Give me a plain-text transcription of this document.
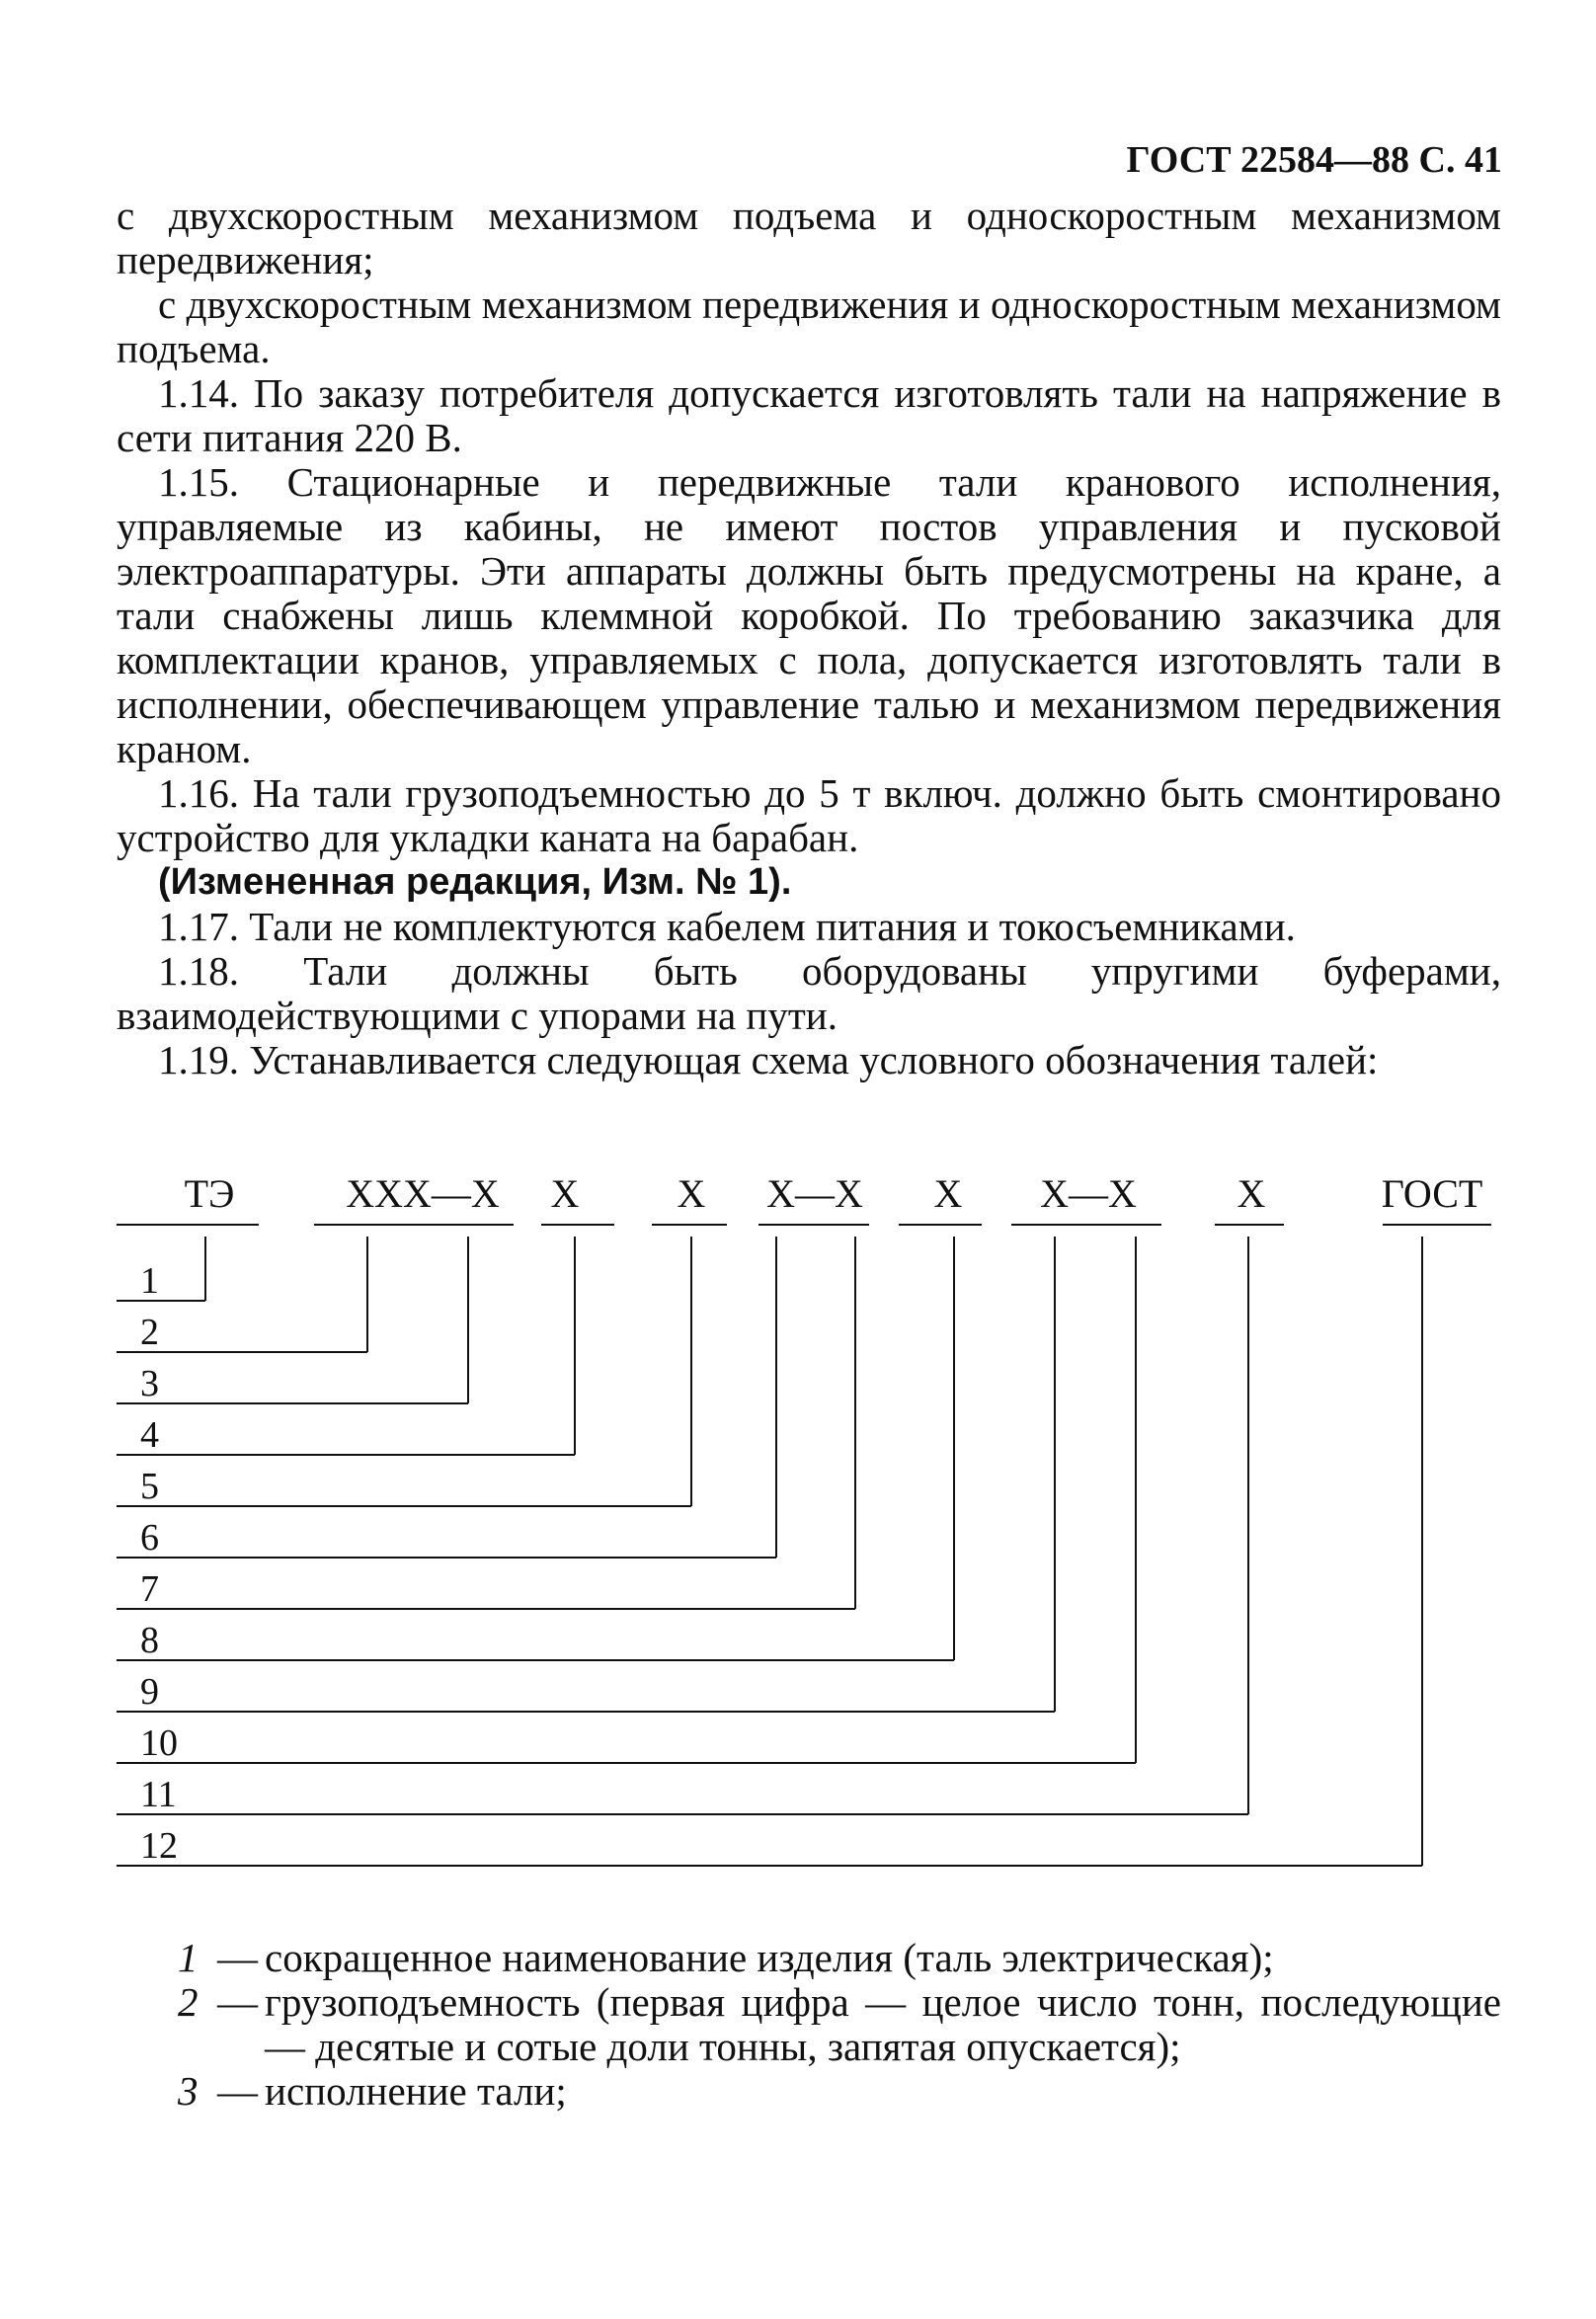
ГОСТ 22584—88 С. 41

с двухскоростным механизмом подъема и односкоростным механизмом передвижения;

с двухскоростным механизмом передвижения и односкоростным механизмом подъема.

1.14. По заказу потребителя допускается изготовлять тали на напряжение в сети питания 220 В.

1.15. Стационарные и передвижные тали кранового исполнения, управляемые из кабины, не имеют постов управления и пусковой электроаппаратуры. Эти аппараты должны быть предусмотрены на кране, а тали снабжены лишь клеммной коробкой. По требованию заказчика для комплектации кранов, управляемых с пола, допускается изготовлять тали в исполнении, обеспечивающем управление талью и механизмом передвижения краном.

1.16. На тали грузоподъемностью до 5 т включ. должно быть смонтировано устройство для укладки каната на барабан.

(Измененная редакция, Изм. № 1).

1.17. Тали не комплектуются кабелем питания и токосъемниками.

1.18. Тали должны быть оборудованы упругими буферами, взаимодействующими с упорами на пути.

1.19. Устанавливается следующая схема условного обозначения талей:

ТЭ	ХХХ—Х Х Х Х—Х Х Х—Х	Х	ГОСТ
1
2
3
4
5
6
7
8
9
10
11
12
1 — сокращенное наименование изделия (таль электрическая);
2 — грузоподъемность (первая цифра — целое число тонн, последующие — десятые и сотые доли тонны, запятая опускается);
3 — исполнение тали;
